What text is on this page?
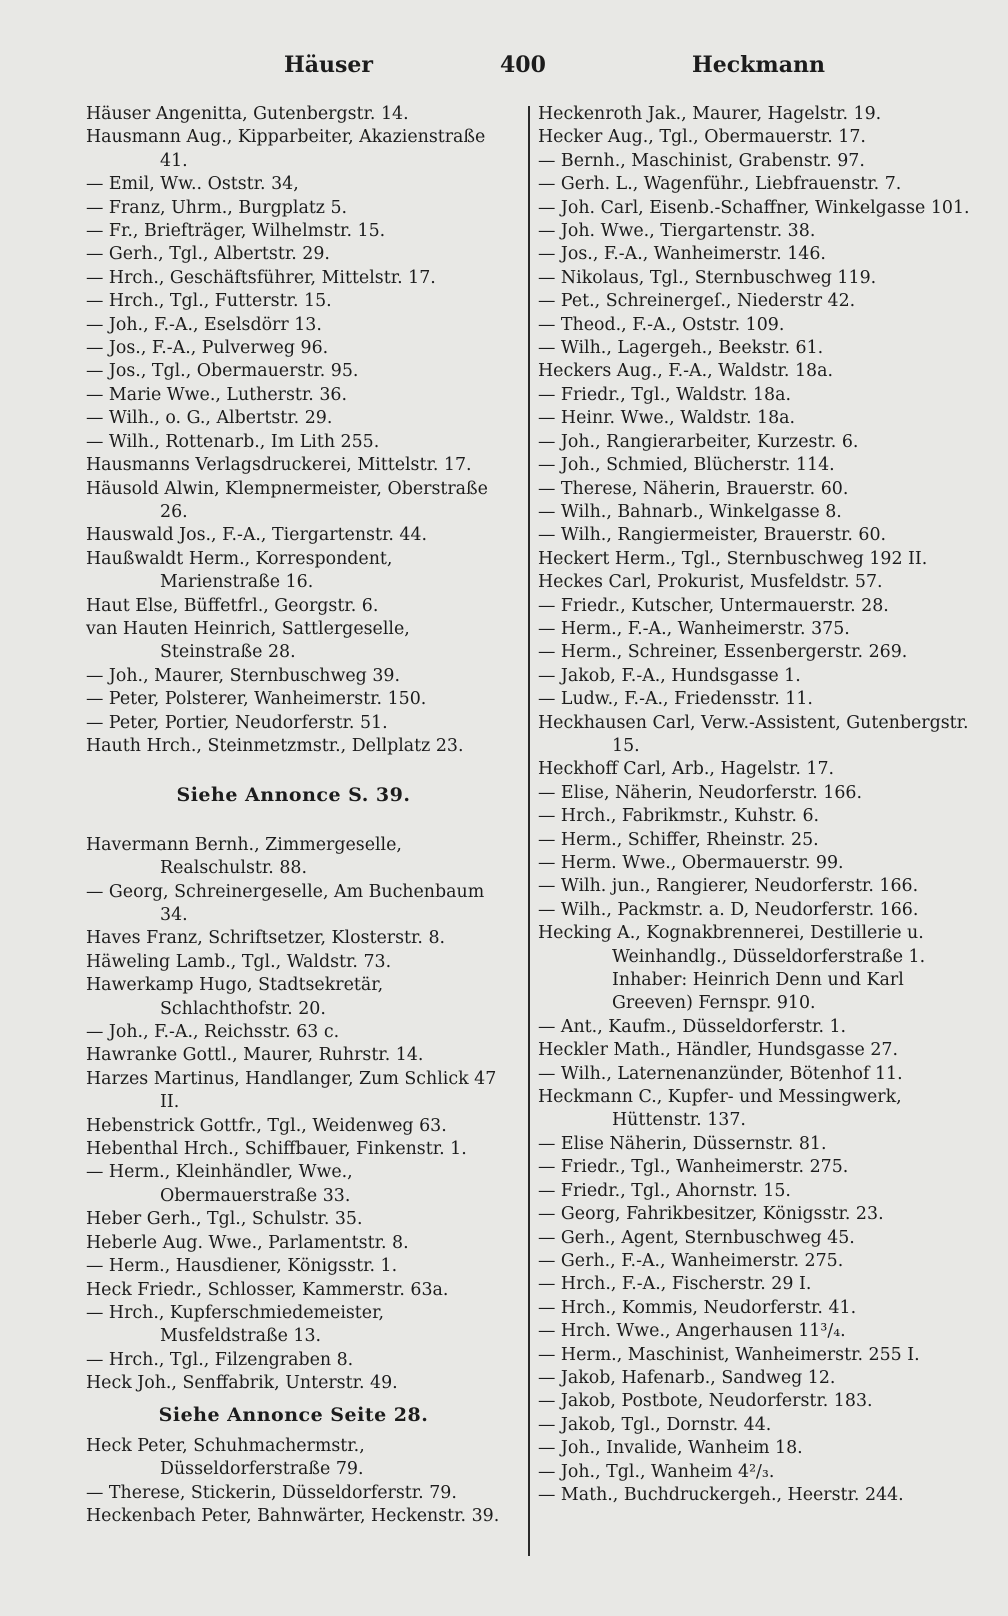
Häuser	400	Heckmann

Häuser Angenitta, Gutenbergstr. 14.

Hausmann Aug., Kipparbeiter, Akazienstraße 41.

— Emil, Ww.. Oststr. 34,

— Franz, Uhrm., Burgplatz 5.

— Fr., Briefträger, Wilhelmstr. 15.

— Gerh., Tgl., Albertstr. 29.

— Hrch., Geschäftsführer, Mittelstr. 17.

— Hrch., Tgl., Futterstr. 15.

— Joh., F.-A., Eselsdörr 13.

— Jos., F.-A., Pulverweg 96.

— Jos., Tgl., Obermauerstr. 95.

— Marie Wwe., Lutherstr. 36.

— Wilh., o. G., Albertstr. 29.

— Wilh., Rottenarb., Im Lith 255.

Hausmanns Verlagsdruckerei, Mittelstr. 17.

Häusold Alwin, Klempnermeister, Oberstraße 26.

Hauswald Jos., F.-A., Tiergartenstr. 44.

Haußwaldt Herm., Korrespondent, Marienstraße 16.

Haut Else, Büffetfrl., Georgstr. 6.

van Hauten Heinrich, Sattlergeselle, Steinstraße 28.

— Joh., Maurer, Sternbuschweg 39.

— Peter, Polsterer, Wanheimerstr. 150.

— Peter, Portier, Neudorferstr. 51.

Hauth Hrch., Steinmetzmstr., Dellplatz 23.

Siehe Annonce S. 39.

Havermann Bernh., Zimmergeselle, Realschulstr. 88.

— Georg, Schreinergeselle, Am Buchenbaum 34.

Haves Franz, Schriftsetzer, Klosterstr. 8.

Häweling Lamb., Tgl., Waldstr. 73.

Hawerkamp Hugo, Stadtsekretär, Schlachthofstr. 20.

— Joh., F.-A., Reichsstr. 63 c.

Hawranke Gottl., Maurer, Ruhrstr. 14.

Harzes Martinus, Handlanger, Zum Schlick 47 II.

Hebenstrick Gottfr., Tgl., Weidenweg 63.

Hebenthal Hrch., Schiffbauer, Finkenstr. 1.

— Herm., Kleinhändler, Wwe., Obermauerstraße 33.

Heber Gerh., Tgl., Schulstr. 35.

Heberle Aug. Wwe., Parlamentstr. 8.

— Herm., Hausdiener, Königsstr. 1.

Heck Friedr., Schlosser, Kammerstr. 63a.

— Hrch., Kupferschmiedemeister, Musfeldstraße 13.

— Hrch., Tgl., Filzengraben 8.

Heck Joh., Senffabrik, Unterstr. 49.

Siehe Annonce Seite 28.

Heck Peter, Schuhmachermstr., Düsseldorferstraße 79.

— Therese, Stickerin, Düsseldorferstr. 79.

Heckenbach Peter, Bahnwärter, Heckenstr. 39.

Heckenroth Jak., Maurer, Hagelstr. 19.

Hecker Aug., Tgl., Obermauerstr. 17.

— Bernh., Maschinist, Grabenstr. 97.

— Gerh. L., Wagenführ., Liebfrauenstr. 7.

— Joh. Carl, Eisenb.-Schaffner, Winkelgasse 101.

— Joh. Wwe., Tiergartenstr. 38.

— Jos., F.-A., Wanheimerstr. 146.

— Nikolaus, Tgl., Sternbuschweg 119.

— Pet., Schreinergeſ., Niederstr 42.

— Theod., F.-A., Oststr. 109.

— Wilh., Lagergeh., Beekstr. 61.

Heckers Aug., F.-A., Waldstr. 18a.

— Friedr., Tgl., Waldstr. 18a.

— Heinr. Wwe., Waldstr. 18a.

— Joh., Rangierarbeiter, Kurzestr. 6.

— Joh., Schmied, Blücherstr. 114.

— Therese, Näherin, Brauerstr. 60.

— Wilh., Bahnarb., Winkelgasse 8.

— Wilh., Rangiermeister, Brauerstr. 60.

Heckert Herm., Tgl., Sternbuschweg 192 II.

Heckes Carl, Prokurist, Musfeldstr. 57.

— Friedr., Kutscher, Untermauerstr. 28.

— Herm., F.-A., Wanheimerstr. 375.

— Herm., Schreiner, Essenbergerstr. 269.

— Jakob, F.-A., Hundsgasse 1.

— Ludw., F.-A., Friedensstr. 11.

Heckhausen Carl, Verw.-Assistent, Gutenbergstr. 15.

Heckhoff Carl, Arb., Hagelstr. 17.

— Elise, Näherin, Neudorferstr. 166.

— Hrch., Fabrikmstr., Kuhstr. 6.

— Herm., Schiffer, Rheinstr. 25.

— Herm. Wwe., Obermauerstr. 99.

— Wilh. jun., Rangierer, Neudorferstr. 166.

— Wilh., Packmstr. a. D, Neudorferstr. 166.

Hecking A., Kognakbrennerei, Destillerie u. Weinhandlg., Düsseldorferstraße 1. Inhaber: Heinrich Denn und Karl Greeven) Fernspr. 910.

— Ant., Kaufm., Düsseldorferstr. 1.

Heckler Math., Händler, Hundsgasse 27.

— Wilh., Laternenanzünder, Bötenhof 11.

Heckmann C., Kupfer- und Messingwerk, Hüttenstr. 137.

— Elise Näherin, Düssernstr. 81.

— Friedr., Tgl., Wanheimerstr. 275.

— Friedr., Tgl., Ahornstr. 15.

— Georg, Fahrikbesitzer, Königsstr. 23.

— Gerh., Agent, Sternbuschweg 45.

— Gerh., F.-A., Wanheimerstr. 275.

— Hrch., F.-A., Fischerstr. 29 I.

— Hrch., Kommis, Neudorferstr. 41.

— Hrch. Wwe., Angerhausen 11³/₄.

— Herm., Maschinist, Wanheimerstr. 255 I.

— Jakob, Hafenarb., Sandweg 12.

— Jakob, Postbote, Neudorferstr. 183.

— Jakob, Tgl., Dornstr. 44.

— Joh., Invalide, Wanheim 18.

— Joh., Tgl., Wanheim 4²/₃.

— Math., Buchdruckergeh., Heerstr. 244.
